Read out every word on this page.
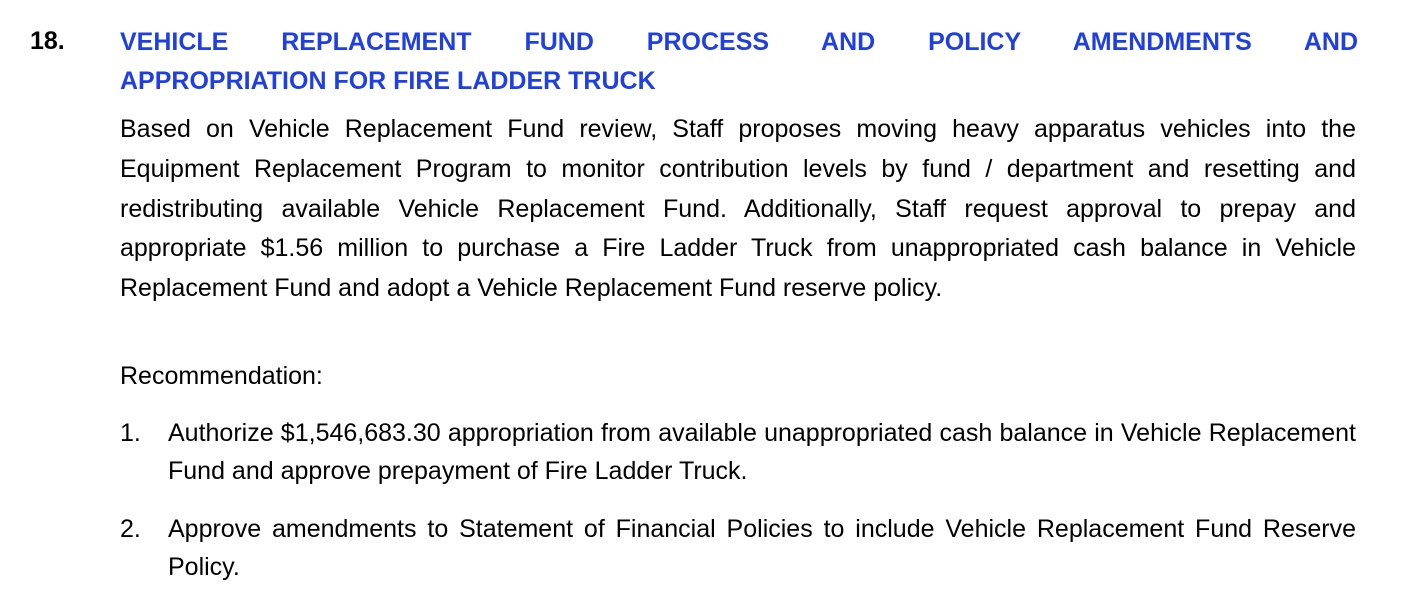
18. VEHICLE REPLACEMENT FUND PROCESS AND POLICY AMENDMENTS AND
APPROPRIATION FOR FIRE LADDER TRUCK
Based on Vehicle Replacement Fund review, Staff proposes moving heavy apparatus vehicles into the Equipment Replacement Program to monitor contribution levels by fund / department and resetting and redistributing available Vehicle Replacement Fund. Additionally, Staff request approval to prepay and appropriate $1.56 million to purchase a Fire Ladder Truck from unappropriated cash balance in Vehicle Replacement Fund and adopt a Vehicle Replacement Fund reserve policy.
Recommendation:
1. Authorize $1,546,683.30 appropriation from available unappropriated cash balance in Vehicle Replacement Fund and approve prepayment of Fire Ladder Truck.
2. Approve amendments to Statement of Financial Policies to include Vehicle Replacement Fund Reserve Policy.
